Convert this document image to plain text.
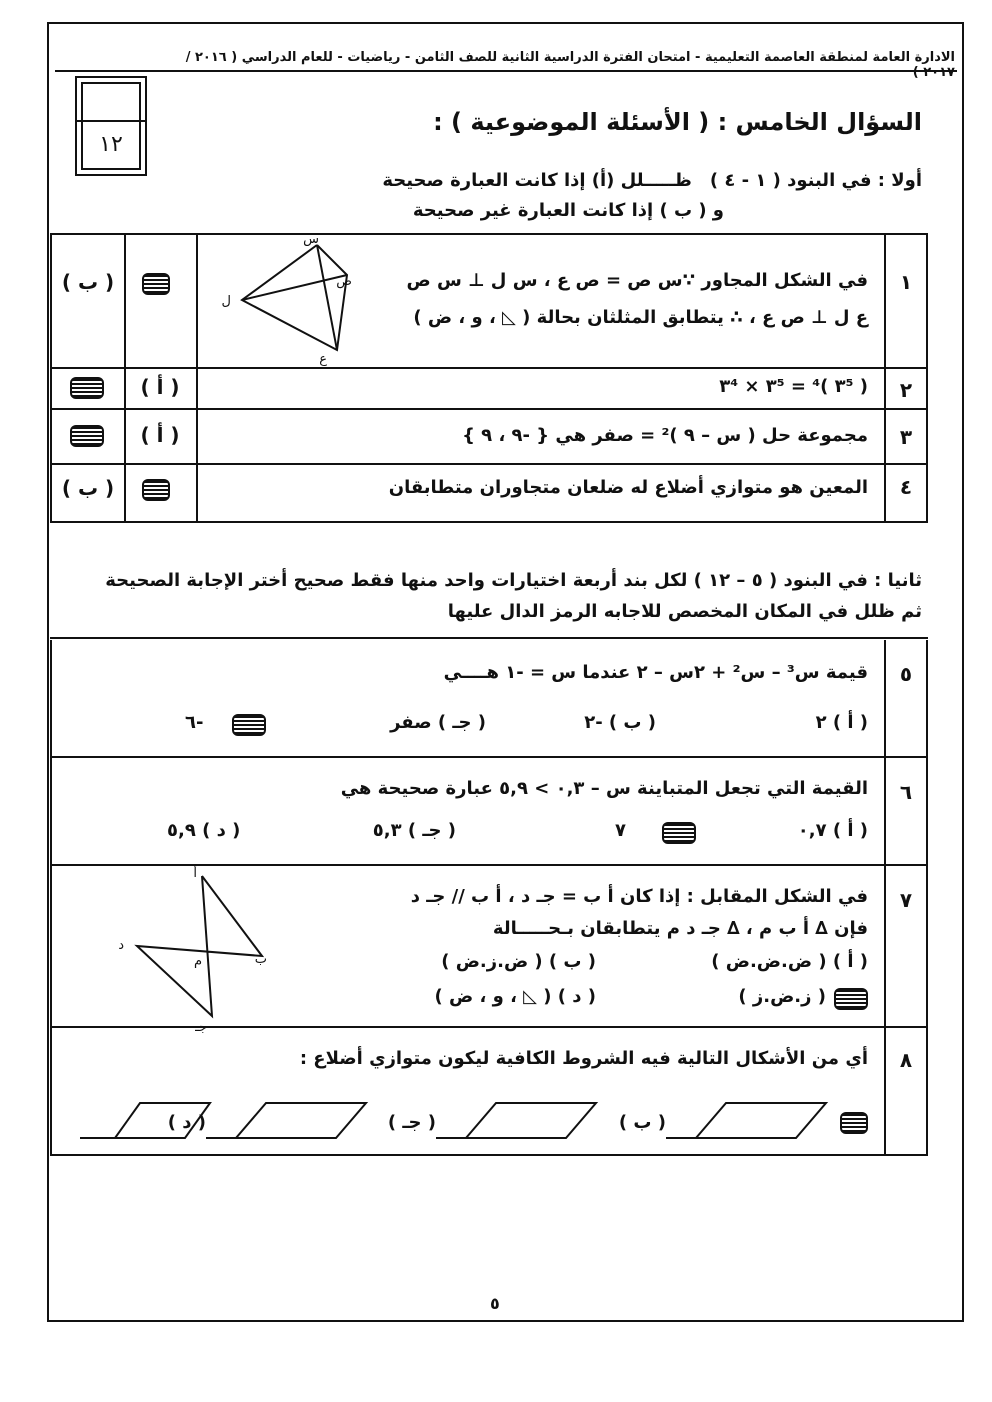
الادارة العامة لمنطقة العاصمة التعليمية - امتحان الفترة الدراسية الثانية للصف الثامن - رياضيات - للعام الدراسي ( ٢٠١٦ / ٢٠١٧ )
١٢
السؤال الخامس : ( الأسئلة الموضوعية ) :
أولا : في البنود ( ١ - ٤ )ظـــــلل (أ) إذا كانت العبارة صحيحة
و ( ب ) إذا كانت العبارة غير صحيحة
١
في الشكل المجاور ∵س ص = ص ع ، س ل ⊥ س ص
ع ل ⊥ ص ع ، ∴ يتطابق المثلثان بحالة ( ◺ ، و ، ض )
س
ل
ص
ع
( ب )
٢
( ٣⁵ )⁴ = ٣⁵ × ٣⁴
( أ )
٣
مجموعة حل ( س – ٩ )² = صفر هي { -٩ ، ٩ }
( أ )
٤
المعين هو متوازي أضلاع له ضلعان متجاوران متطابقان
( ب )
ثانيا : في البنود ( ٥ – ١٢ ) لكل بند أربعة اختيارات واحد منها فقط صحيح أختر الإجابة الصحيحة ثم ظلل في المكان المخصص للاجابه الرمز الدال عليها
٥
قيمة س³ – س² + ٢س – ٢ عندما س = -١ هــــي
( أ ) ٢
( ب ) -٢
( جـ ) صفر
-٦
٦
القيمة التي تجعل المتباينة س – ٠,٣ > ٥,٩ عبارة صحيحة هي
( أ ) ٠,٧
٧
( جـ ) ٥,٣
( د ) ٥,٩
٧
في الشكل المقابل : إذا كان أ ب = جـ د ، أ ب // جـ د
فإن ∆ أ ب م ، ∆ جـ د م يتطابقان بـحـــــالة
( أ ) ( ض.ض.ض )
( ب ) ( ض.ز.ض )
( ز.ض.ز )
( د ) ( ◺ ، و ، ض )
أ
ب
م
د
جـ
٨
أي من الأشكال التالية فيه الشروط الكافية ليكون متوازي أضلاع :
( ب )
( جـ )
( د )
٥
